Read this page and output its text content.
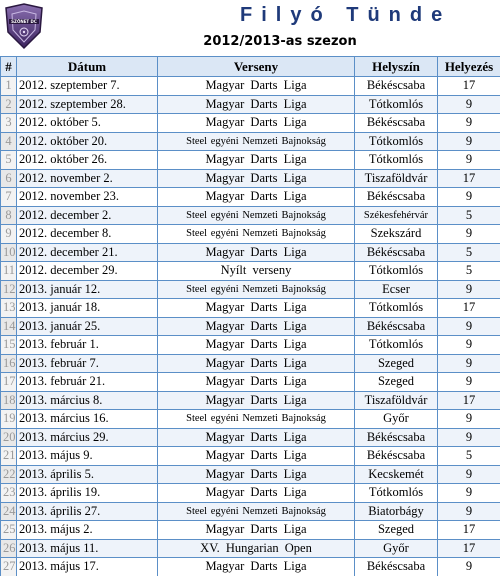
SZÖNET DC	Filyó Tünde
2012/2013-as szezon
#	Dátum	Verseny	Helyszín	Helyezés
1	2012. szeptember 7.	Magyar Darts Liga	Békéscsaba	17
2	2012. szeptember 28.	Magyar Darts Liga	Tótkomlós	9
3	2012. október 5.	Magyar Darts Liga	Békéscsaba	9
4	2012. október 20.	Steel egyéni Nemzeti Bajnokság	Tótkomlós	9
5	2012. október 26.	Magyar Darts Liga	Tótkomlós	9
6	2012. november 2.	Magyar Darts Liga	Tiszaföldvár	17
7	2012. november 23.	Magyar Darts Liga	Békéscsaba	9
8	2012. december 2.	Steel egyéni Nemzeti Bajnokság	Székesfehérvár	5
9	2012. december 8.	Steel egyéni Nemzeti Bajnokság	Szekszárd	9
10	2012. december 21.	Magyar Darts Liga	Békéscsaba	5
11	2012. december 29.	Nyílt verseny	Tótkomlós	5
12	2013. január 12.	Steel egyéni Nemzeti Bajnokság	Ecser	9
13	2013. január 18.	Magyar Darts Liga	Tótkomlós	17
14	2013. január 25.	Magyar Darts Liga	Békéscsaba	9
15	2013. február 1.	Magyar Darts Liga	Tótkomlós	9
16	2013. február 7.	Magyar Darts Liga	Szeged	9
17	2013. február 21.	Magyar Darts Liga	Szeged	9
18	2013. március 8.	Magyar Darts Liga	Tiszaföldvár	17
19	2013. március 16.	Steel egyéni Nemzeti Bajnokság	Győr	9
20	2013. március 29.	Magyar Darts Liga	Békéscsaba	9
21	2013. május 9.	Magyar Darts Liga	Békéscsaba	5
22	2013. április 5.	Magyar Darts Liga	Kecskemét	9
23	2013. április 19.	Magyar Darts Liga	Tótkomlós	9
24	2013. április 27.	Steel egyéni Nemzeti Bajnokság	Biatorbágy	9
25	2013. május 2.	Magyar Darts Liga	Szeged	17
26	2013. május 11.	XV. Hungarian Open	Győr	17
27	2013. május 17.	Magyar Darts Liga	Békéscsaba	9
